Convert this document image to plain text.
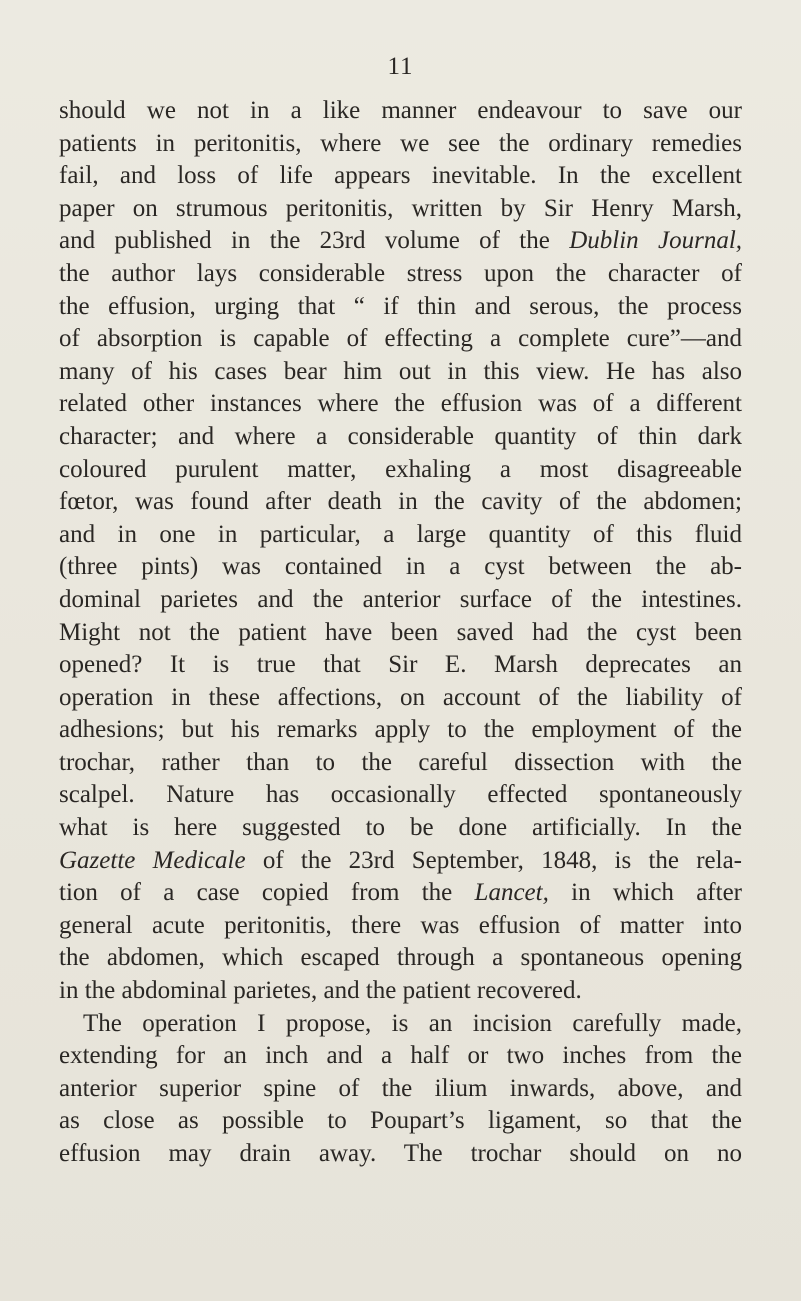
11
should we not in a like manner endeavour to save our
patients in peritonitis, where we see the ordinary remedies
fail, and loss of life appears inevitable. In the excellent
paper on strumous peritonitis, written by Sir Henry Marsh,
and published in the 23rd volume of the Dublin Journal,
the author lays considerable stress upon the character of
the effusion, urging that “ if thin and serous, the process
of absorption is capable of effecting a complete cure”—and
many of his cases bear him out in this view. He has also
related other instances where the effusion was of a different
character; and where a considerable quantity of thin dark
coloured purulent matter, exhaling a most disagreeable
fœtor, was found after death in the cavity of the abdomen;
and in one in particular, a large quantity of this fluid
(three pints) was contained in a cyst between the ab-
dominal parietes and the anterior surface of the intestines.
Might not the patient have been saved had the cyst been
opened? It is true that Sir E. Marsh deprecates an
operation in these affections, on account of the liability of
adhesions; but his remarks apply to the employment of the
trochar, rather than to the careful dissection with the
scalpel. Nature has occasionally effected spontaneously
what is here suggested to be done artificially. In the
Gazette Medicale of the 23rd September, 1848, is the rela-
tion of a case copied from the Lancet, in which after
general acute peritonitis, there was effusion of matter into
the abdomen, which escaped through a spontaneous opening
in the abdominal parietes, and the patient recovered.
The operation I propose, is an incision carefully made,
extending for an inch and a half or two inches from the
anterior superior spine of the ilium inwards, above, and
as close as possible to Poupart’s ligament, so that the
effusion may drain away. The trochar should on no
